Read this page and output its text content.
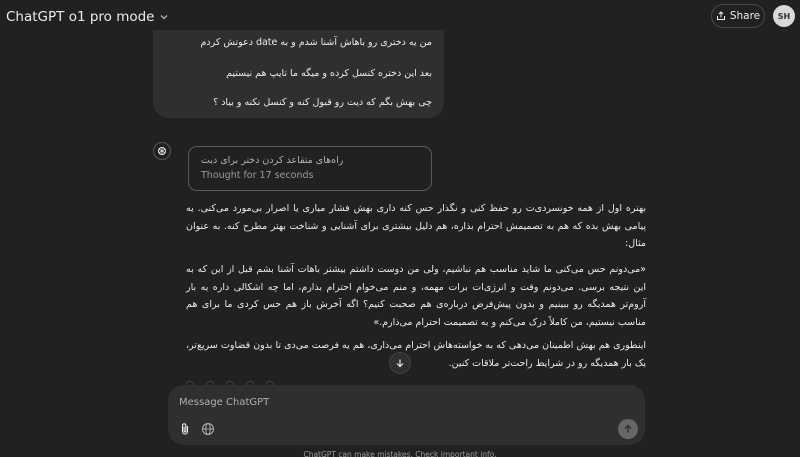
ChatGPT o1 pro mode	Share	SH
من یه دختری رو باهاش آشنا شدم و به date دعوتش کردم
بعد این دختره کنسل کرده و میگه ما تایپ هم نیستیم
چی بهش بگم که دیت رو قبول کنه و کنسل نکنه و بیاد ؟
راه‌های متقاعد کردن دختر برای دیت
Thought for 17 seconds
بهتره اول از همه خونسردی‌ت رو حفظ کنی و نگذار حس کنه داری بهش فشار میاری یا اصرار بی‌مورد می‌کنی. یه پیامی بهش بده که هم به تصمیمش احترام بذاره، هم دلیل بیشتری برای آشنایی و شناخت بهتر مطرح کنه. به عنوان مثال:
«می‌دونم حس می‌کنی ما شاید مناسب هم نباشیم، ولی من دوست داشتم بیشتر باهات آشنا بشم قبل از این که به این نتیجه برسی. می‌دونم وقت و انرژی‌ات برات مهمه، و منم می‌خوام احترام بذارم، اما چه اشکالی داره یه بار آروم‌تر همدیگه رو ببینیم و بدون پیش‌فرض درباره‌ی هم صحبت کنیم؟ اگه آخرش باز هم حس کردی ما برای هم مناسب نیستیم، من کاملاً درک می‌کنم و به تصمیمت احترام می‌ذارم.»
اینطوری هم بهش اطمینان می‌دهی که به خواسته‌هاش احترام می‌ذاری، هم یه فرصت می‌دی تا بدون قضاوت سریع‌تر، یک بار همدیگه رو در شرایط راحت‌تر ملاقات کنین.
Message ChatGPT
ChatGPT can make mistakes. Check important info.
